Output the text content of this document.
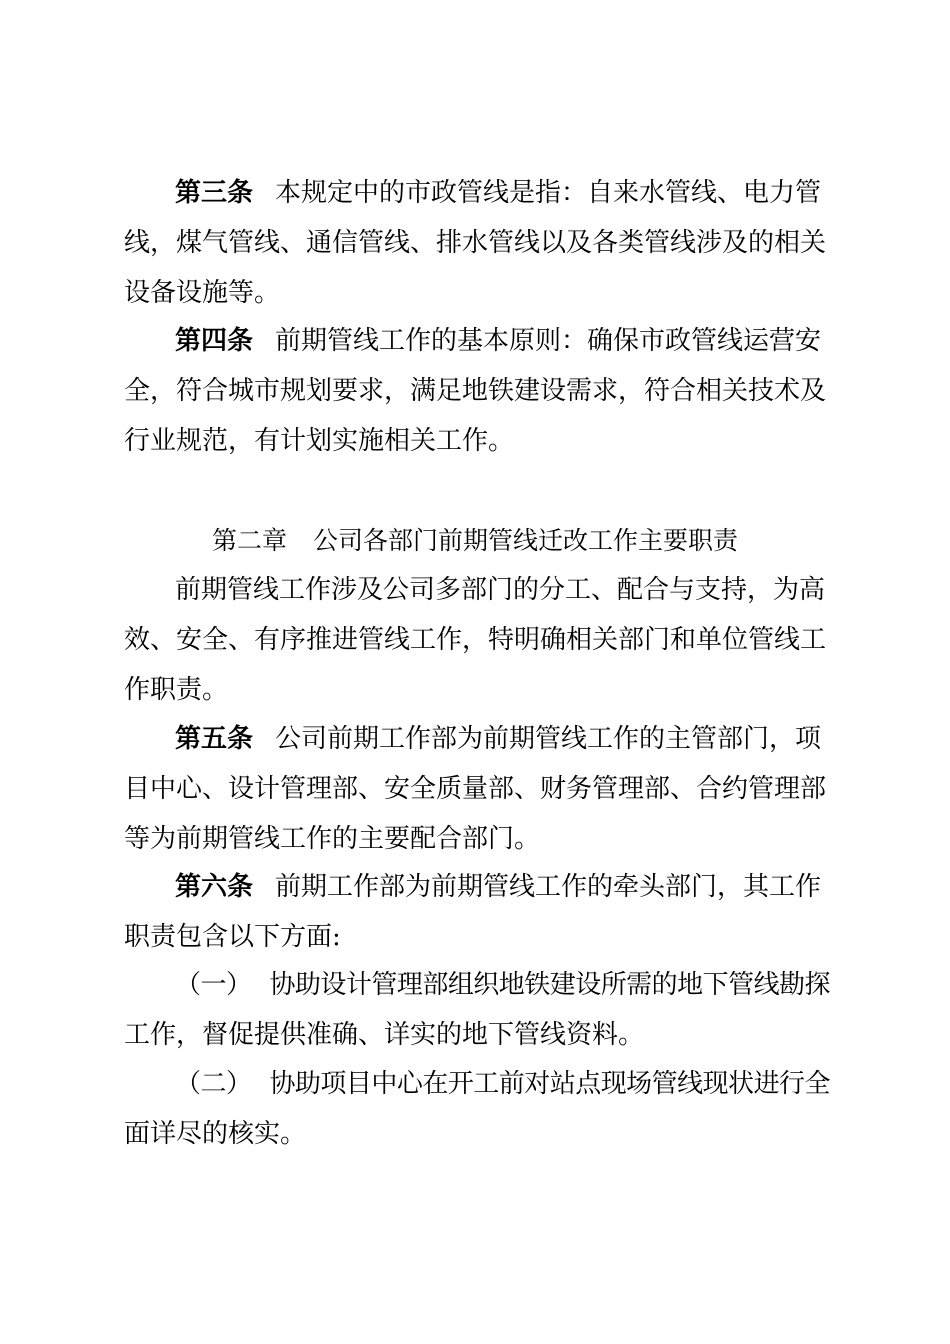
第三条 本规定中的市政管线是指：自来水管线、电力管
线，煤气管线、通信管线、排水管线以及各类管线涉及的相关
设备设施等。
第四条 前期管线工作的基本原则：确保市政管线运营安
全，符合城市规划要求，满足地铁建设需求，符合相关技术及
行业规范，有计划实施相关工作。
第二章 公司各部门前期管线迁改工作主要职责
前期管线工作涉及公司多部门的分工、配合与支持，为高
效、安全、有序推进管线工作，特明确相关部门和单位管线工
作职责。
第五条 公司前期工作部为前期管线工作的主管部门，项
目中心、设计管理部、安全质量部、财务管理部、合约管理部
等为前期管线工作的主要配合部门。
第六条 前期工作部为前期管线工作的牵头部门，其工作
职责包含以下方面:
（一） 协助设计管理部组织地铁建设所需的地下管线勘探
工作，督促提供准确、详实的地下管线资料。
（二） 协助项目中心在开工前对站点现场管线现状进行全
面详尽的核实。
